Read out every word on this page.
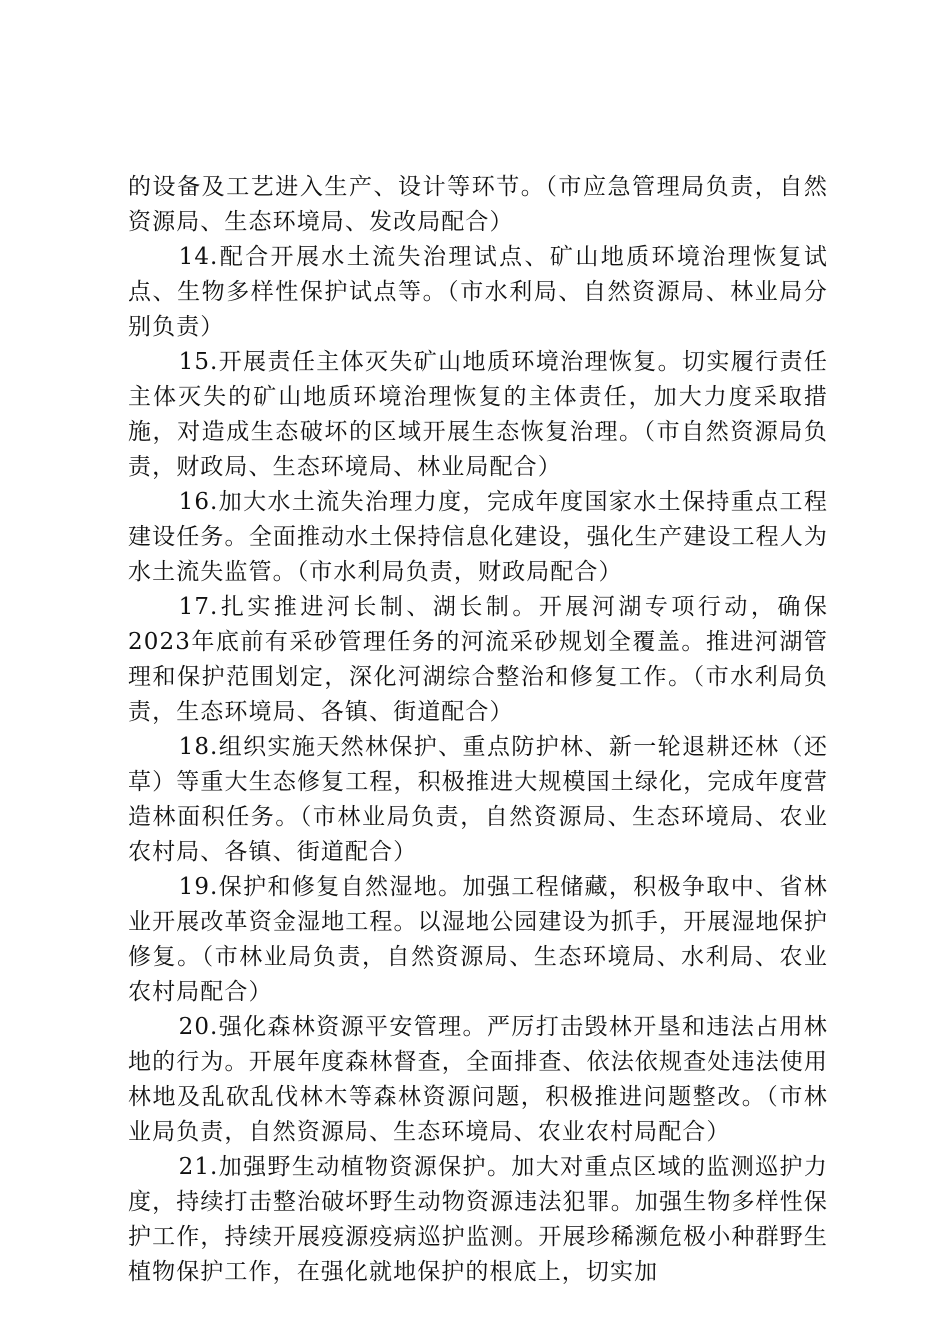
的设备及工艺进入生产、设计等环节。（市应急管理局负责，自然资源局、生态环境局、发改局配合）

14.配合开展水土流失治理试点、矿山地质环境治理恢复试点、生物多样性保护试点等。（市水利局、自然资源局、林业局分别负责）

15.开展责任主体灭失矿山地质环境治理恢复。切实履行责任主体灭失的矿山地质环境治理恢复的主体责任，加大力度采取措施，对造成生态破坏的区域开展生态恢复治理。（市自然资源局负责，财政局、生态环境局、林业局配合）

16.加大水土流失治理力度，完成年度国家水土保持重点工程建设任务。全面推动水土保持信息化建设，强化生产建设工程人为水土流失监管。（市水利局负责，财政局配合）

17.扎实推进河长制、湖长制。开展河湖专项行动，确保2023年底前有采砂管理任务的河流采砂规划全覆盖。推进河湖管理和保护范围划定，深化河湖综合整治和修复工作。（市水利局负责，生态环境局、各镇、街道配合）

18.组织实施天然林保护、重点防护林、新一轮退耕还林（还草）等重大生态修复工程，积极推进大规模国土绿化，完成年度营造林面积任务。（市林业局负责，自然资源局、生态环境局、农业农村局、各镇、街道配合）

19.保护和修复自然湿地。加强工程储藏，积极争取中、省林业开展改革资金湿地工程。以湿地公园建设为抓手，开展湿地保护修复。（市林业局负责，自然资源局、生态环境局、水利局、农业农村局配合）

20.强化森林资源平安管理。严厉打击毁林开垦和违法占用林地的行为。开展年度森林督查，全面排查、依法依规查处违法使用林地及乱砍乱伐林木等森林资源问题，积极推进问题整改。（市林业局负责，自然资源局、生态环境局、农业农村局配合）

21.加强野生动植物资源保护。加大对重点区域的监测巡护力度，持续打击整治破坏野生动物资源违法犯罪。加强生物多样性保护工作，持续开展疫源疫病巡护监测。开展珍稀濒危极小种群野生植物保护工作，在强化就地保护的根底上，切实加
